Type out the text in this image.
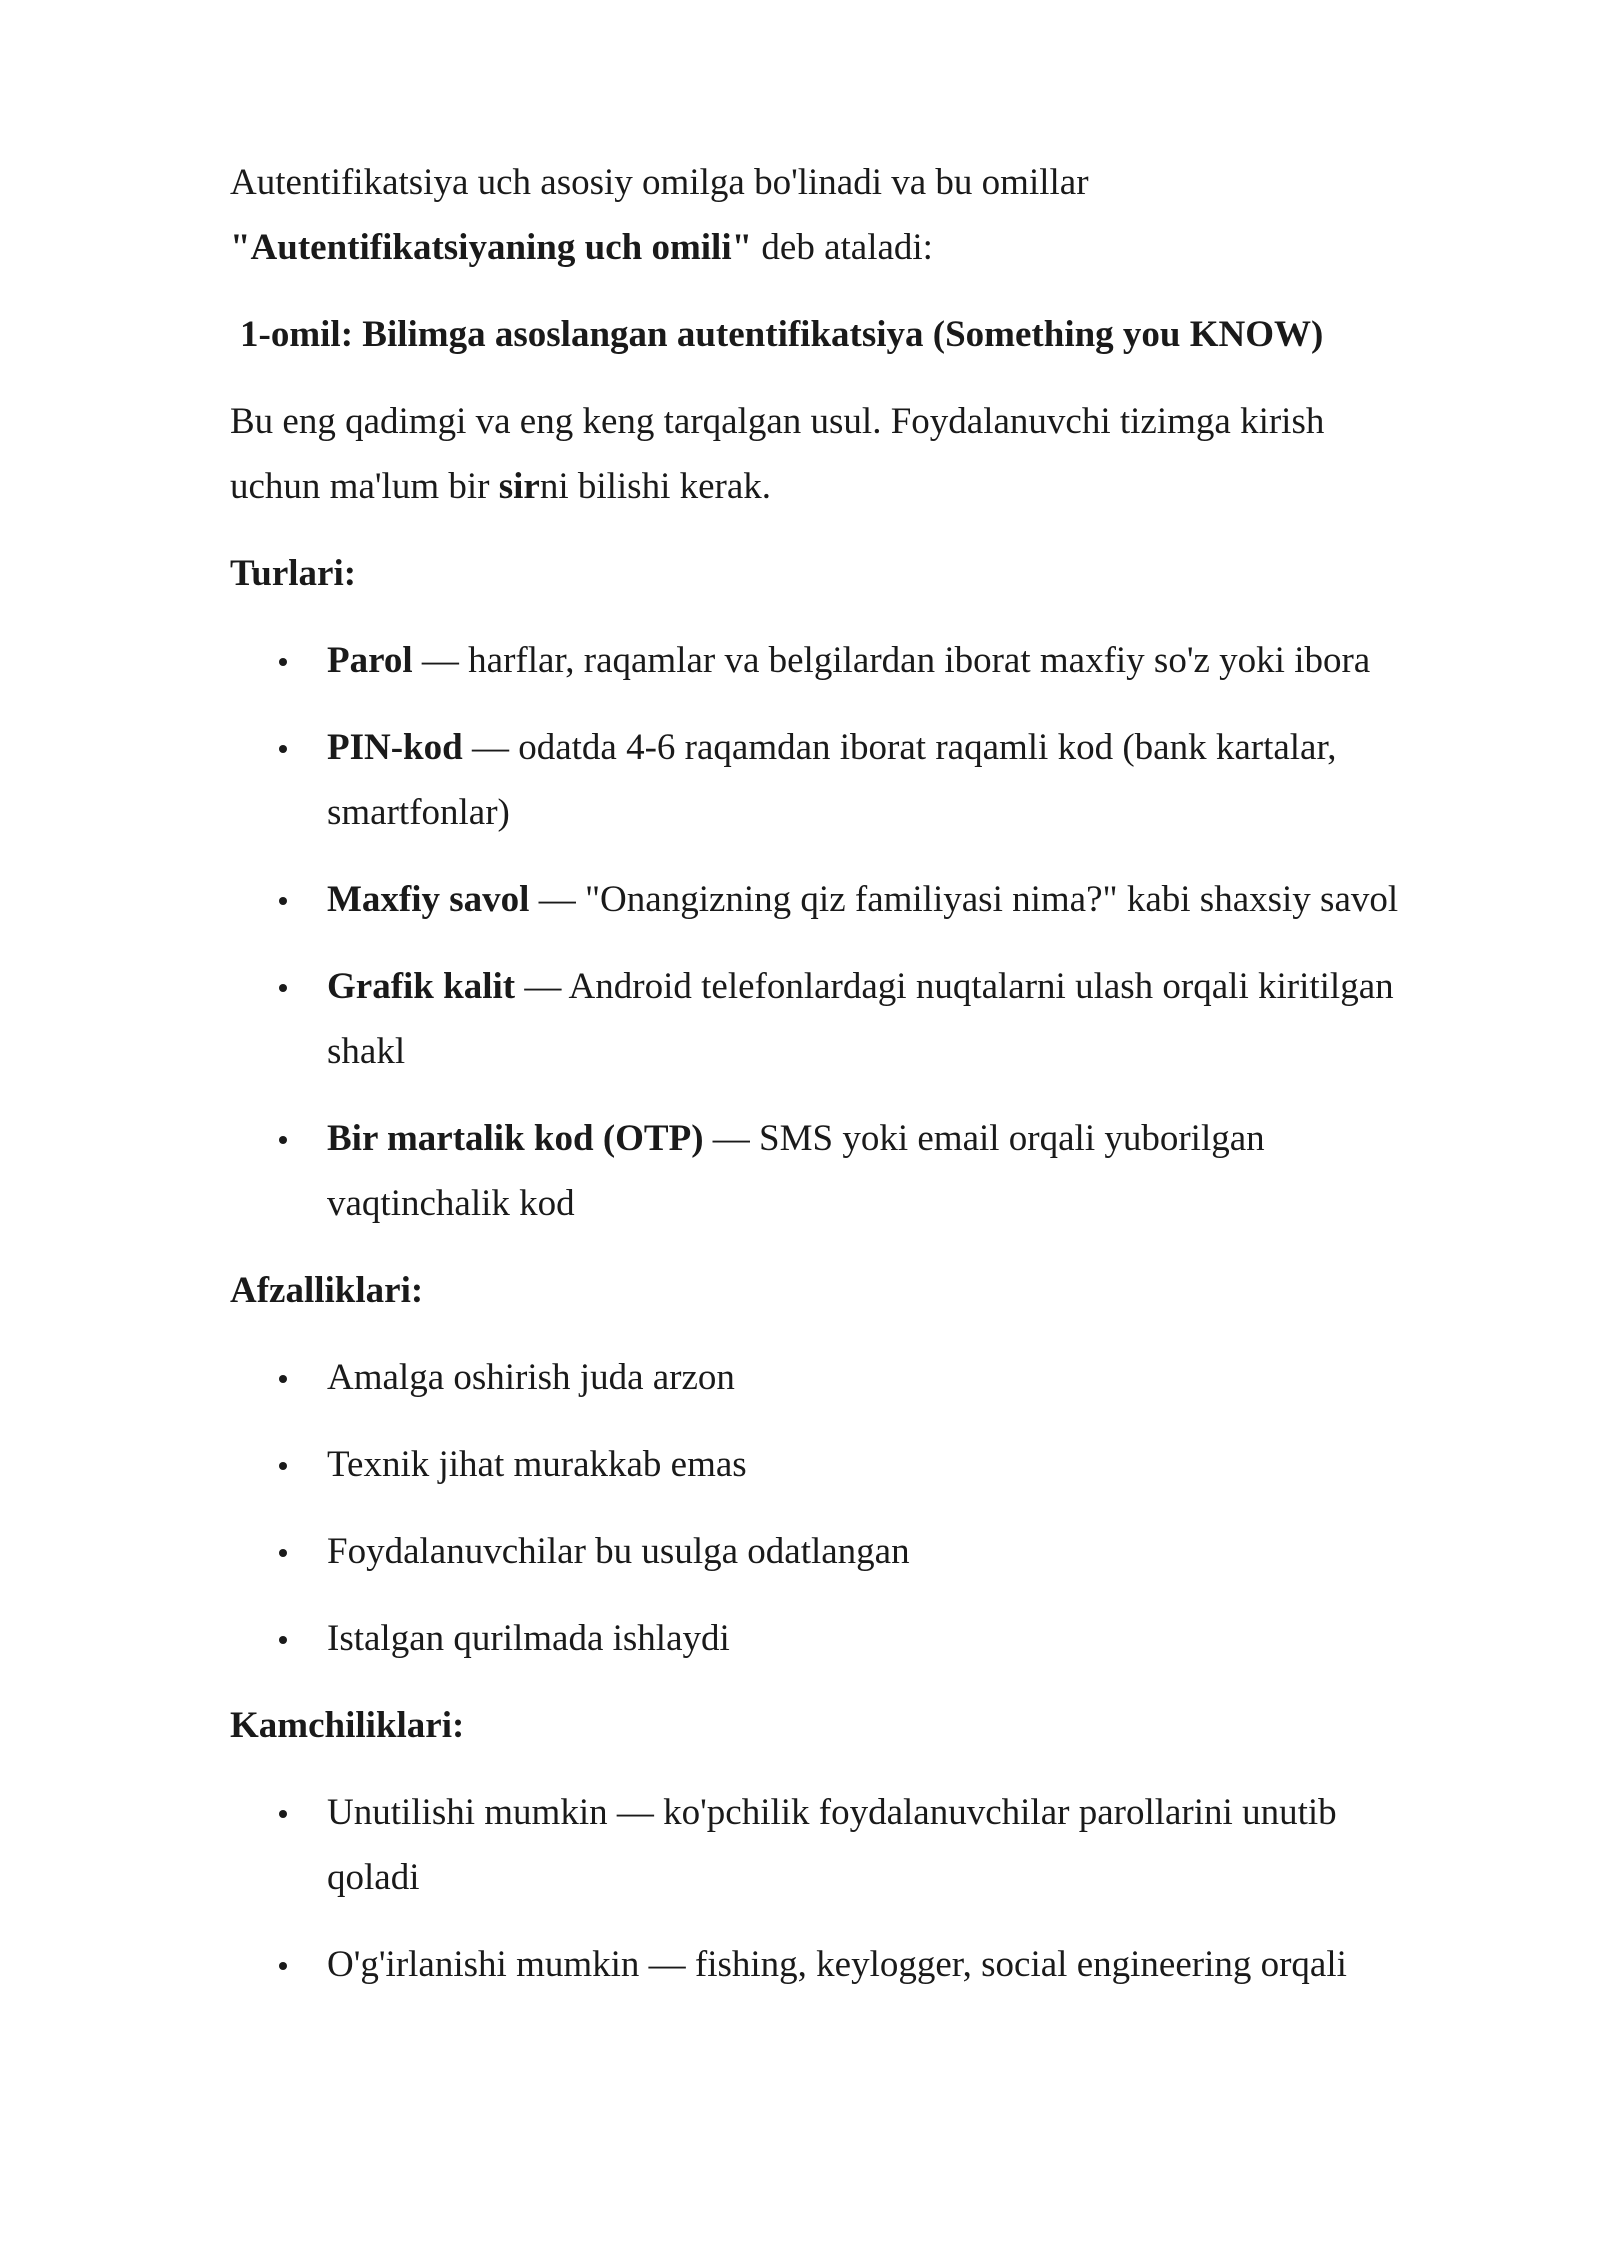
Autentifikatsiya uch asosiy omilga bo'linadi va bu omillar "Autentifikatsiyaning uch omili" deb ataladi:

1-omil: Bilimga asoslangan autentifikatsiya (Something you KNOW)

Bu eng qadimgi va eng keng tarqalgan usul. Foydalanuvchi tizimga kirish uchun ma'lum bir sirni bilishi kerak.

Turlari:

Parol — harflar, raqamlar va belgilardan iborat maxfiy so'z yoki ibora
PIN-kod — odatda 4-6 raqamdan iborat raqamli kod (bank kartalar, smartfonlar)
Maxfiy savol — "Onangizning qiz familiyasi nima?" kabi shaxsiy savol
Grafik kalit — Android telefonlardagi nuqtalarni ulash orqali kiritilgan shakl
Bir martalik kod (OTP) — SMS yoki email orqali yuborilgan vaqtinchalik kod

Afzalliklari:

Amalga oshirish juda arzon
Texnik jihat murakkab emas
Foydalanuvchilar bu usulga odatlangan
Istalgan qurilmada ishlaydi

Kamchiliklari:

Unutilishi mumkin — ko'pchilik foydalanuvchilar parollarini unutib qoladi
O'g'irlanishi mumkin — fishing, keylogger, social engineering orqali
